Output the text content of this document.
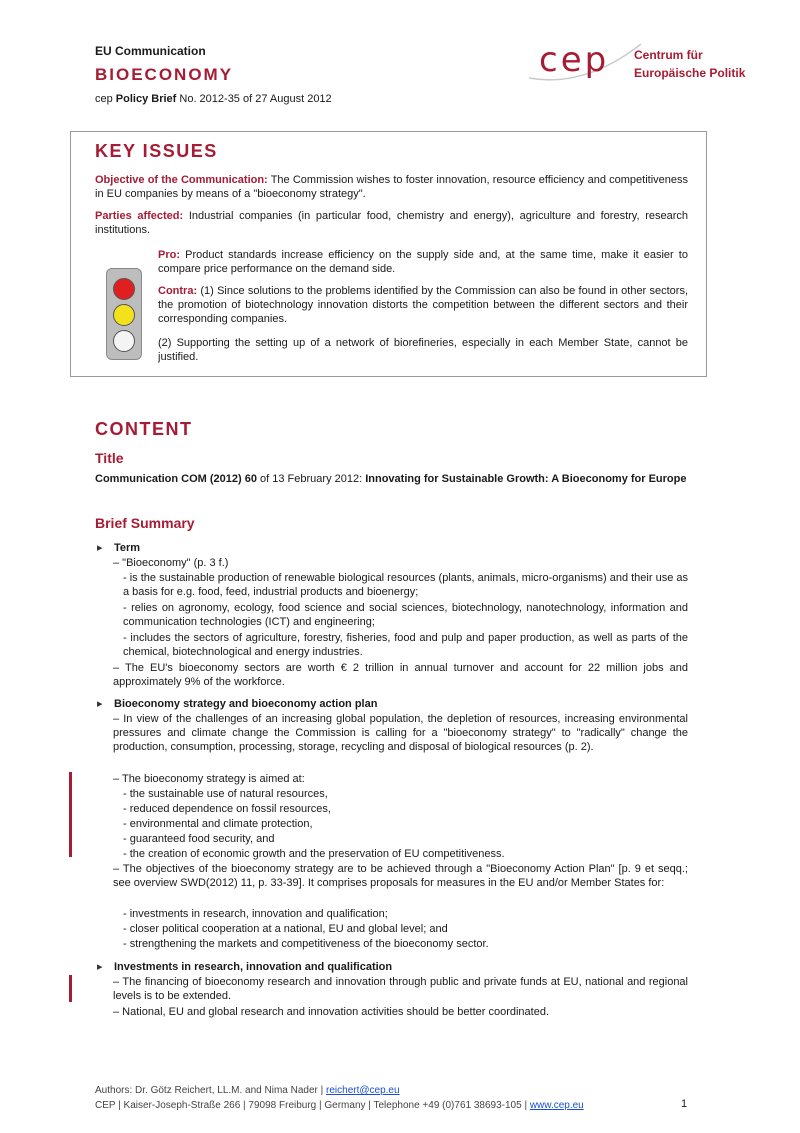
EU Communication
BIOECONOMY
cep Policy Brief No. 2012-35 of 27 August 2012
cep Centrum für
Europäische Politik
KEY ISSUES
Objective of the Communication: The Commission wishes to foster innovation, resource efficiency and competitiveness in EU companies by means of a "bioeconomy strategy".
Parties affected: Industrial companies (in particular food, chemistry and energy), agriculture and forestry, research institutions.
Pro: Product standards increase efficiency on the supply side and, at the same time, make it easier to compare price performance on the demand side.
Contra: (1) Since solutions to the problems identified by the Commission can also be found in other sectors, the promotion of biotechnology innovation distorts the competition between the different sectors and their corresponding companies.
(2) Supporting the setting up of a network of biorefineries, especially in each Member State, cannot be justified.
CONTENT
Title
Communication COM (2012) 60 of 13 February 2012: Innovating for Sustainable Growth: A Bioeconomy for Europe
Brief Summary
▸ Term
– "Bioeconomy" (p. 3 f.)
- is the sustainable production of renewable biological resources (plants, animals, micro-organisms) and their use as a basis for e.g. food, feed, industrial products and bioenergy;
- relies on agronomy, ecology, food science and social sciences, biotechnology, nanotechnology, information and communication technologies (ICT) and engineering;
- includes the sectors of agriculture, forestry, fisheries, food and pulp and paper production, as well as parts of the chemical, biotechnological and energy industries.
– The EU's bioeconomy sectors are worth € 2 trillion in annual turnover and account for 22 million jobs and approximately 9% of the workforce.
▸ Bioeconomy strategy and bioeconomy action plan
– In view of the challenges of an increasing global population, the depletion of resources, increasing environmental pressures and climate change the Commission is calling for a "bioeconomy strategy" to "radically" change the production, consumption, processing, storage, recycling and disposal of biological resources (p. 2).
– The bioeconomy strategy is aimed at:
- the sustainable use of natural resources,
- reduced dependence on fossil resources,
- environmental and climate protection,
- guaranteed food security, and
- the creation of economic growth and the preservation of EU competitiveness.
– The objectives of the bioeconomy strategy are to be achieved through a "Bioeconomy Action Plan" [p. 9 et seqq.; see overview SWD(2012) 11, p. 33-39]. It comprises proposals for measures in the EU and/or Member States for:
- investments in research, innovation and qualification;
- closer political cooperation at a national, EU and global level; and
- strengthening the markets and competitiveness of the bioeconomy sector.
▸ Investments in research, innovation and qualification
– The financing of bioeconomy research and innovation through public and private funds at EU, national and regional levels is to be extended.
– National, EU and global research and innovation activities should be better coordinated.
Authors: Dr. Götz Reichert, LL.M. and Nima Nader | reichert@cep.eu
CEP | Kaiser-Joseph-Straße 266 | 79098 Freiburg | Germany | Telephone +49 (0)761 38693-105 | www.cep.eu	1
